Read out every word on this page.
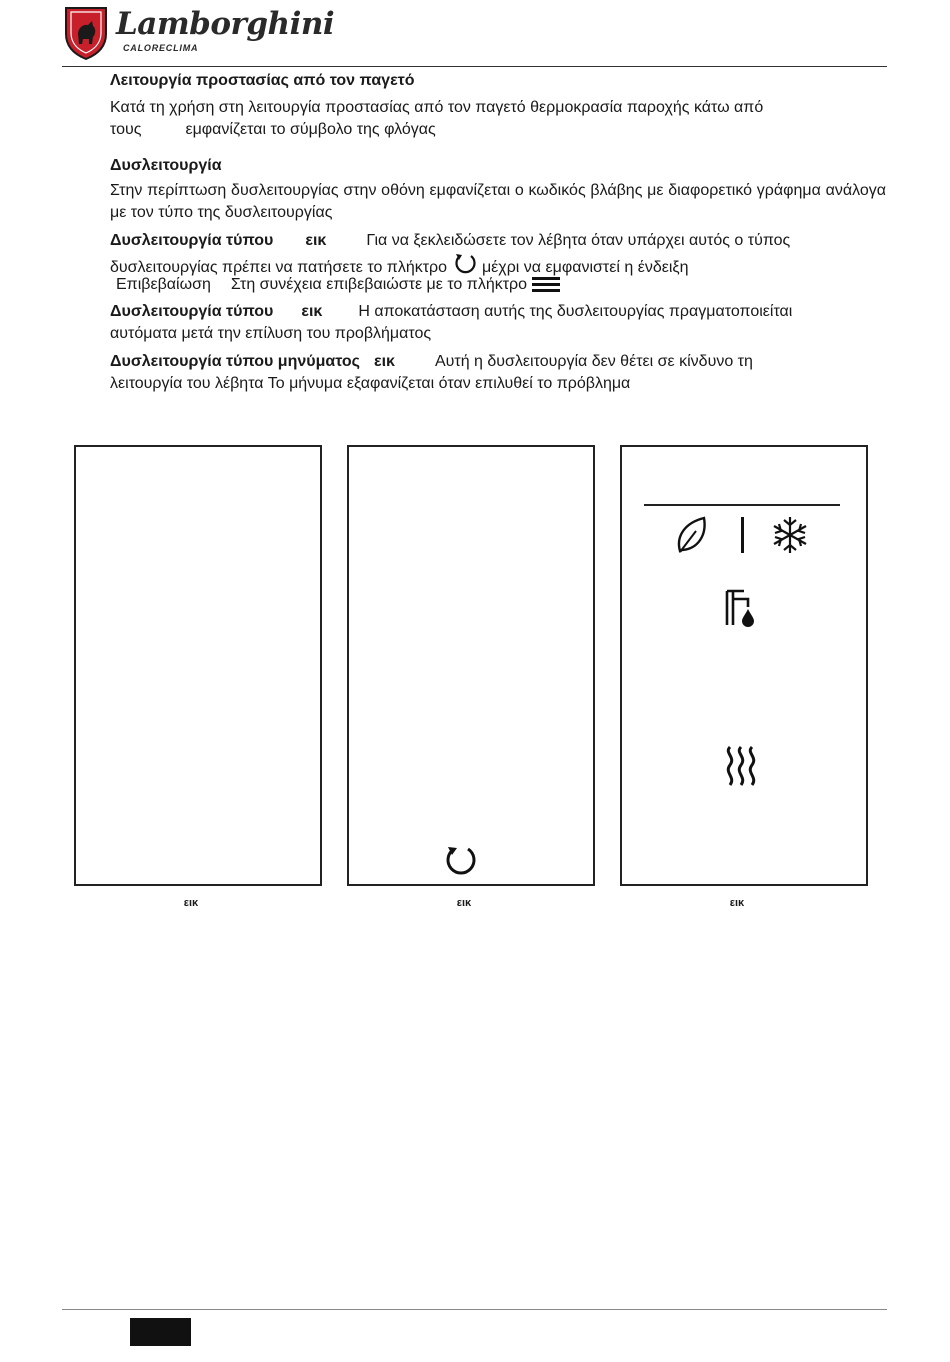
Lamborghini
CALORECLIMA
Λειτουργία προστασίας από τον παγετό
Κατά τη χρήση στη λειτουργία προστασίας από τον παγετό θερμοκρασία παροχής κάτω από
τους	εμφανίζεται το σύμβολο της φλόγας
Δυσλειτουργία
Στην περίπτωση δυσλειτουργίας στην οθόνη εμφανίζεται ο κωδικός βλάβης με διαφορετικό γράφημα ανάλογα με τον τύπο της δυσλειτουργίας
Δυσλειτουργία τύπου εικ	Για να ξεκλειδώσετε τον λέβητα όταν υπάρχει αυτός ο τύπος
δυσλειτουργίας πρέπει να πατήσετε το πλήκτρο μέχρι να εμφανιστεί η ένδειξη
Επιβεβαίωση Στη συνέχεια επιβεβαιώστε με το πλήκτρο
Δυσλειτουργία τύπου εικ Η αποκατάσταση αυτής της δυσλειτουργίας πραγματοποιείται
αυτόματα μετά την επίλυση του προβλήματος
Δυσλειτουργία τύπου μηνύματος εικ	Αυτή η δυσλειτουργία δεν θέτει σε κίνδυνο τη
λειτουργία του λέβητα Το μήνυμα εξαφανίζεται όταν επιλυθεί το πρόβλημα
εικ	εικ	εικ
